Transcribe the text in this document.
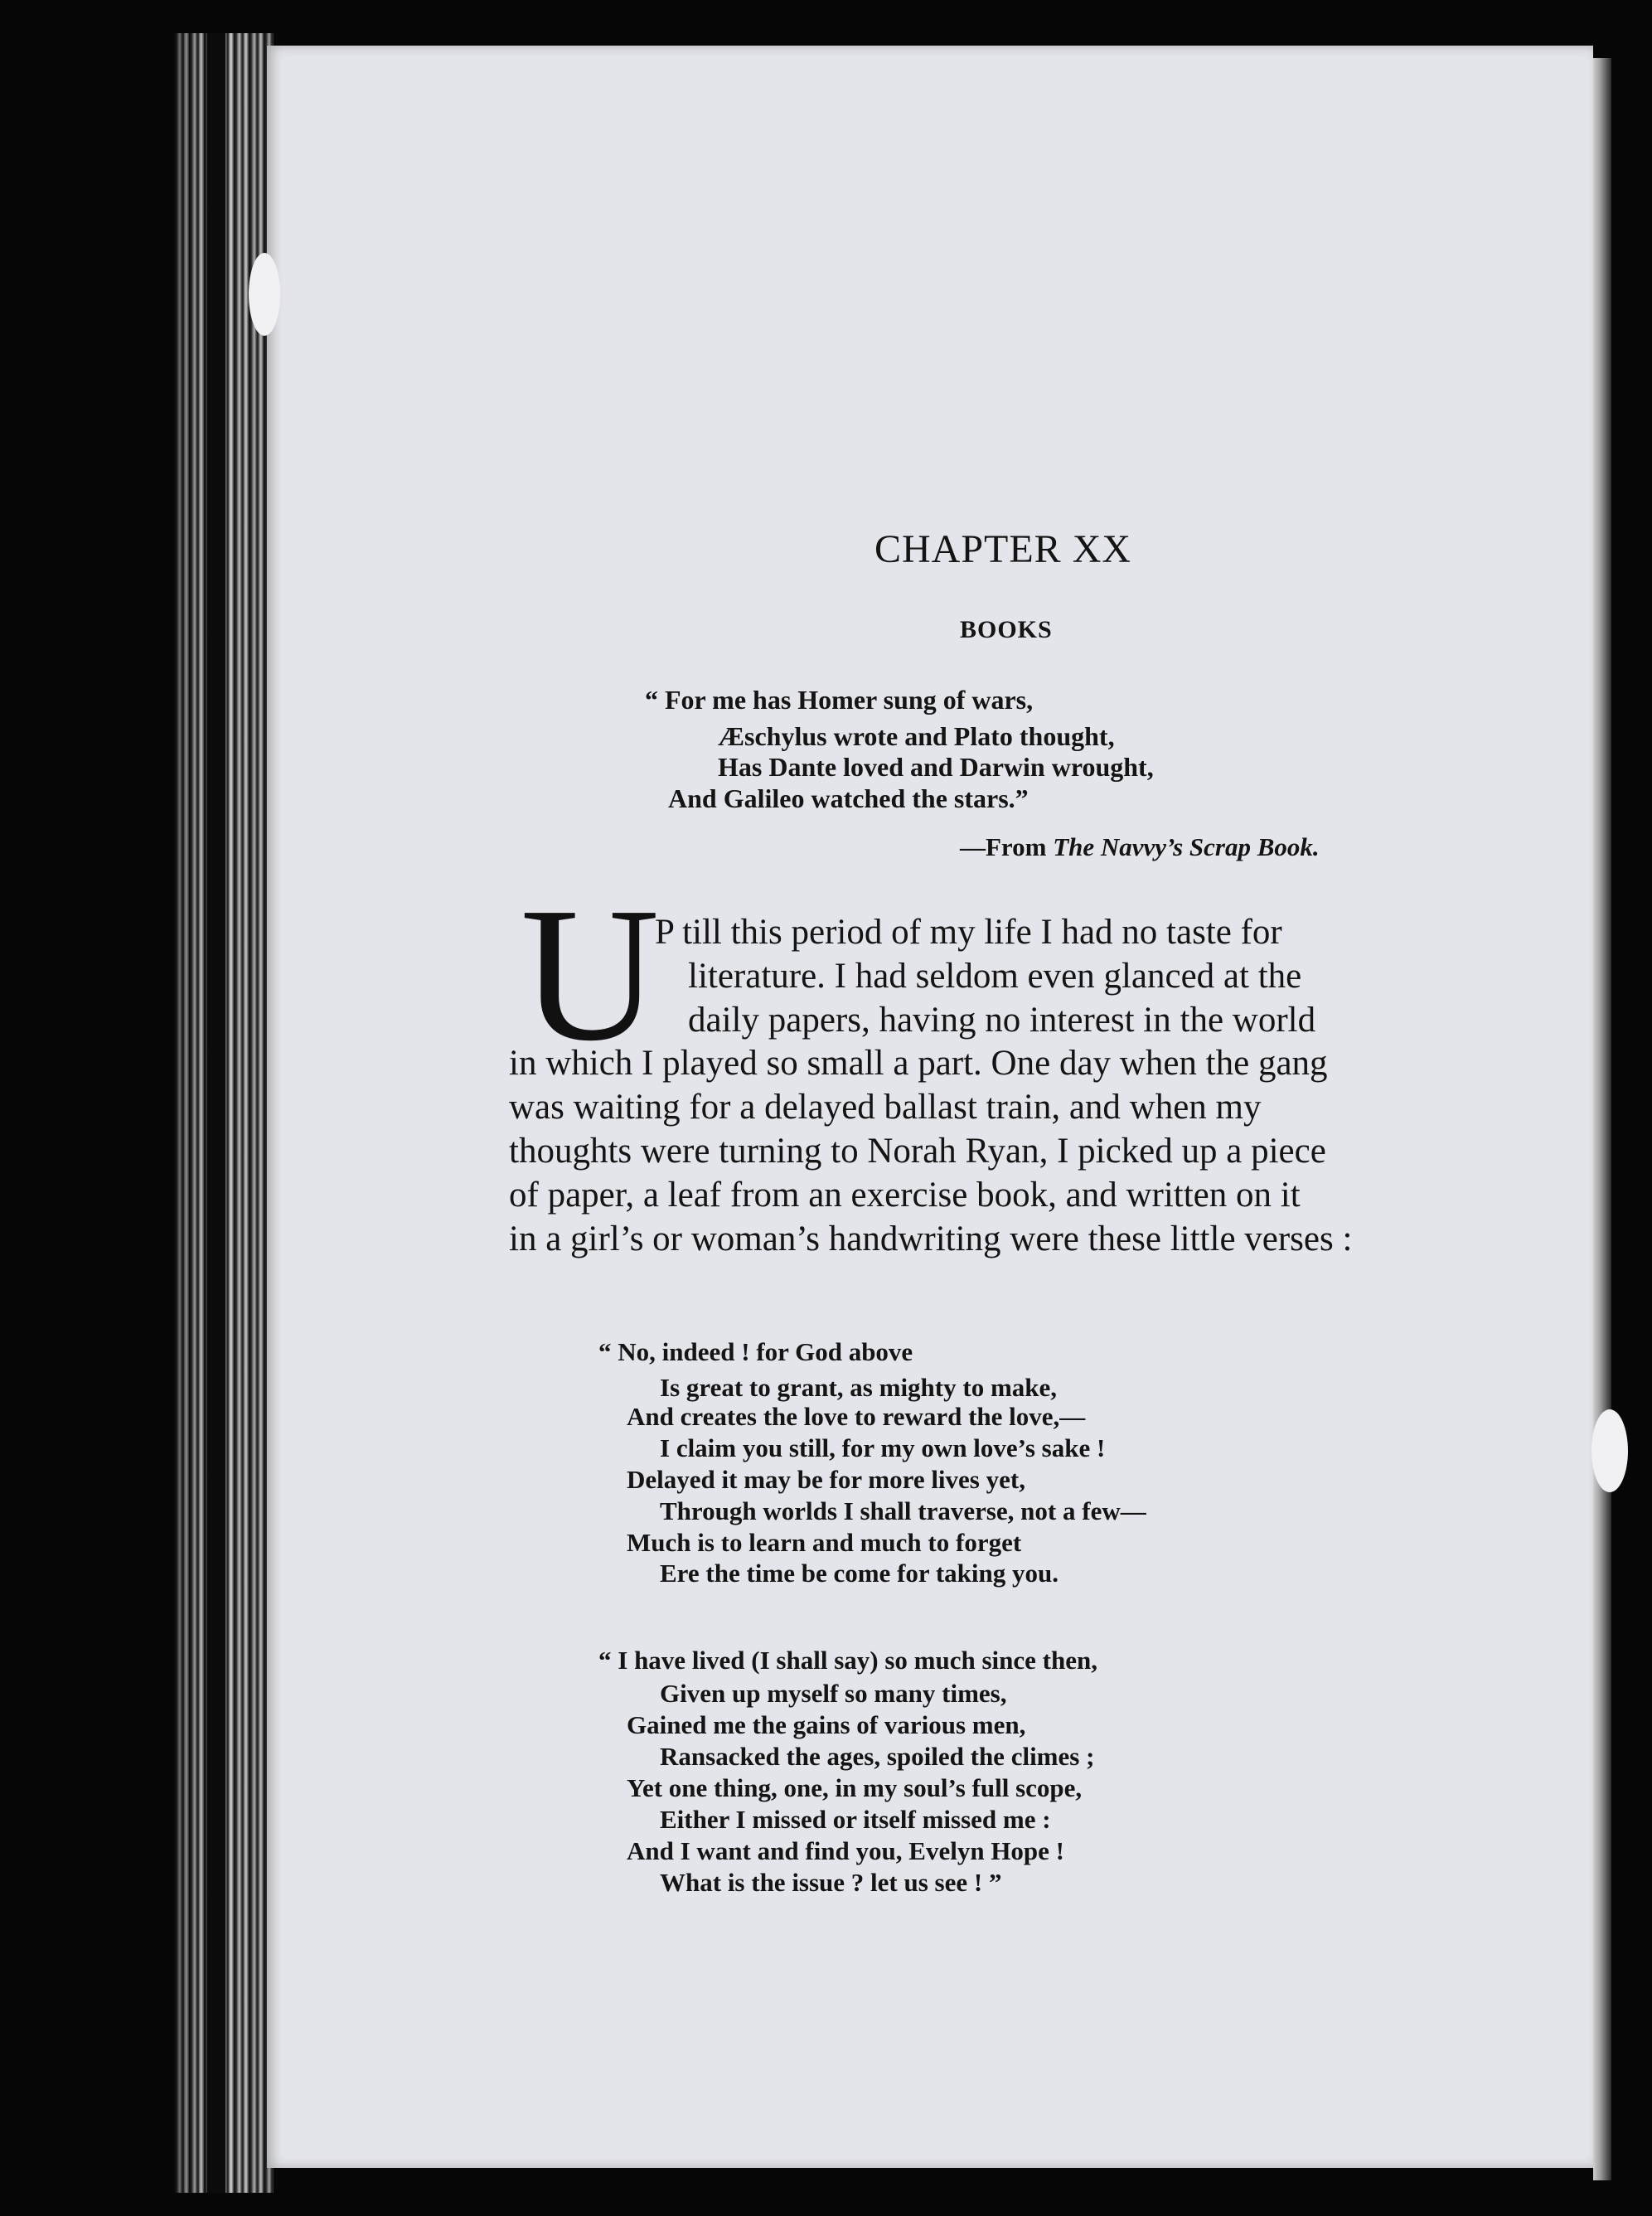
CHAPTER XX
BOOKS
“ For me has Homer sung of wars,
Æschylus wrote and Plato thought,
Has Dante loved and Darwin wrought,
And Galileo watched the stars.”
—From The Navvy’s Scrap Book.
U
P till this period of my life I had no taste for
literature. I had seldom even glanced at the
daily papers, having no interest in the world
in which I played so small a part. One day when the gang
was waiting for a delayed ballast train, and when my
thoughts were turning to Norah Ryan, I picked up a piece
of paper, a leaf from an exercise book, and written on it
in a girl’s or woman’s handwriting were these little verses :
“ No, indeed ! for God above
Is great to grant, as mighty to make,
And creates the love to reward the love,—
I claim you still, for my own love’s sake !
Delayed it may be for more lives yet,
Through worlds I shall traverse, not a few—
Much is to learn and much to forget
Ere the time be come for taking you.
“ I have lived (I shall say) so much since then,
Given up myself so many times,
Gained me the gains of various men,
Ransacked the ages, spoiled the climes ;
Yet one thing, one, in my soul’s full scope,
Either I missed or itself missed me :
And I want and find you, Evelyn Hope !
What is the issue ? let us see ! ”
